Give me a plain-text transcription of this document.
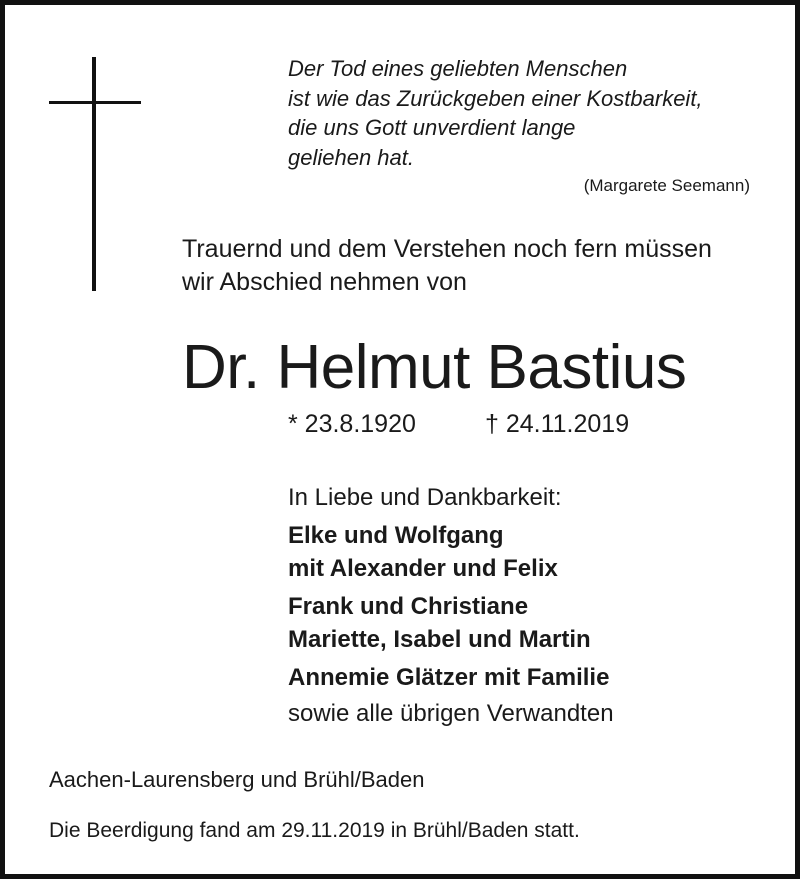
Der Tod eines geliebten Menschen
ist wie das Zurückgeben einer Kostbarkeit,
die uns Gott unverdient lange
geliehen hat.
(Margarete Seemann)
Trauernd und dem Verstehen noch fern müssen
wir Abschied nehmen von
Dr. Helmut Bastius
* 23.8.1920	† 24.11.2019
In Liebe und Dankbarkeit:
Elke und Wolfgang
mit Alexander und Felix
Frank und Christiane
Mariette, Isabel und Martin
Annemie Glätzer mit Familie
sowie alle übrigen Verwandten
Aachen-Laurensberg und Brühl/Baden
Die Beerdigung fand am 29.11.2019 in Brühl/Baden statt.
